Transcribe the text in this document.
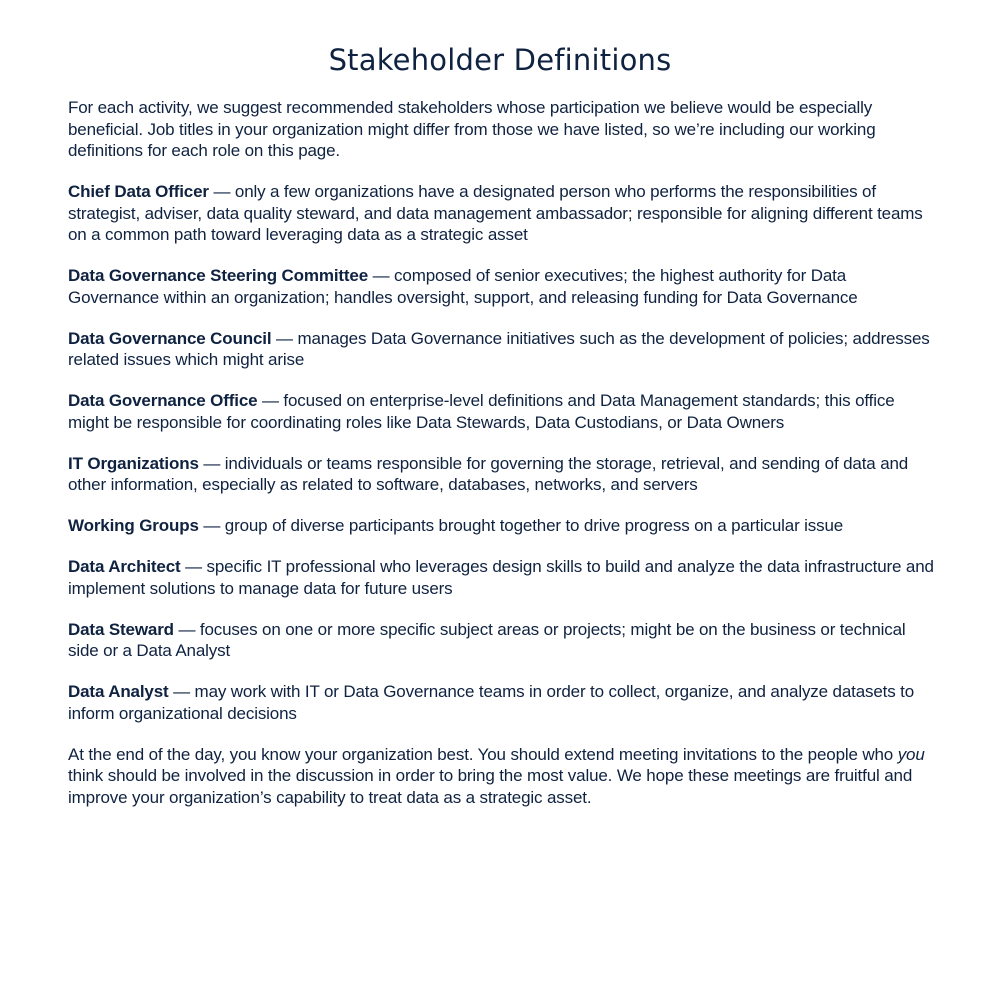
Stakeholder Definitions

For each activity, we suggest recommended stakeholders whose participation we believe would be especially beneficial. Job titles in your organization might differ from those we have listed, so we’re including our working definitions for each role on this page.

Chief Data Officer — only a few organizations have a designated person who performs the responsibilities of strategist, adviser, data quality steward, and data management ambassador; responsible for aligning different teams on a common path toward leveraging data as a strategic asset

Data Governance Steering Committee — composed of senior executives; the highest authority for Data Governance within an organization; handles oversight, support, and releasing funding for Data Governance

Data Governance Council — manages Data Governance initiatives such as the development of policies; addresses related issues which might arise

Data Governance Office — focused on enterprise-level definitions and Data Management standards; this office might be responsible for coordinating roles like Data Stewards, Data Custodians, or Data Owners

IT Organizations — individuals or teams responsible for governing the storage, retrieval, and sending of data and other information, especially as related to software, databases, networks, and servers

Working Groups — group of diverse participants brought together to drive progress on a particular issue

Data Architect — specific IT professional who leverages design skills to build and analyze the data infrastructure and implement solutions to manage data for future users

Data Steward — focuses on one or more specific subject areas or projects; might be on the business or technical side or a Data Analyst

Data Analyst — may work with IT or Data Governance teams in order to collect, organize, and analyze datasets to inform organizational decisions

At the end of the day, you know your organization best. You should extend meeting invitations to the people who you think should be involved in the discussion in order to bring the most value. We hope these meetings are fruitful and improve your organization’s capability to treat data as a strategic asset.
